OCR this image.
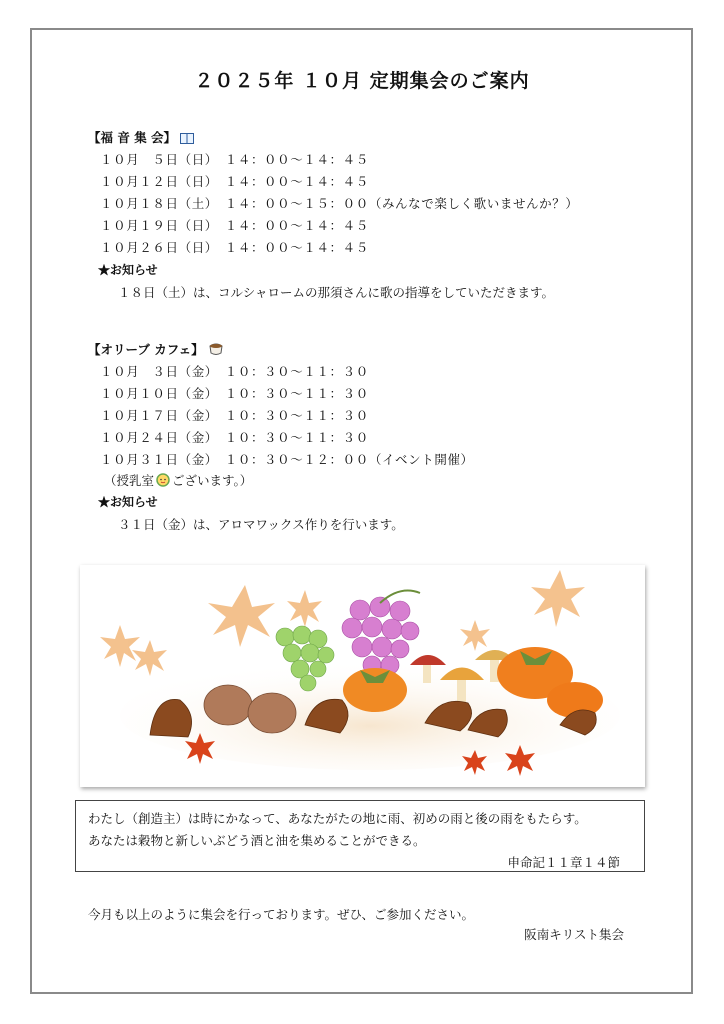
２０２５年 １０月 定期集会のご案内
【福 音 集 会】
１０月　５日（日）　１４：００〜１４：４５
１０月１２日（日）　１４：００〜１４：４５
１０月１８日（土）　１４：００〜１５：００（みんなで楽しく歌いませんか？）
１０月１９日（日）　１４：００〜１４：４５
１０月２６日（日）　１４：００〜１４：４５
★お知らせ
１８日（土）は、コルシャロームの那須さんに歌の指導をしていただきます。
【オリーブ カフェ】
１０月　３日（金）　１０：３０〜１１：３０
１０月１０日（金）　１０：３０〜１１：３０
１０月１７日（金）　１０：３０〜１１：３０
１０月２４日（金）　１０：３０〜１１：３０
１０月３１日（金）　１０：３０〜１２：００（イベント開催）
（授乳室 ございます。）
★お知らせ
３１日（金）は、アロマワックス作りを行います。
わたし（創造主）は時にかなって、あなたがたの地に雨、初めの雨と後の雨をもたらす。
あなたは穀物と新しいぶどう酒と油を集めることができる。
申命記１１章１４節
今月も以上のように集会を行っております。ぜひ、ご参加ください。
阪南キリスト集会
